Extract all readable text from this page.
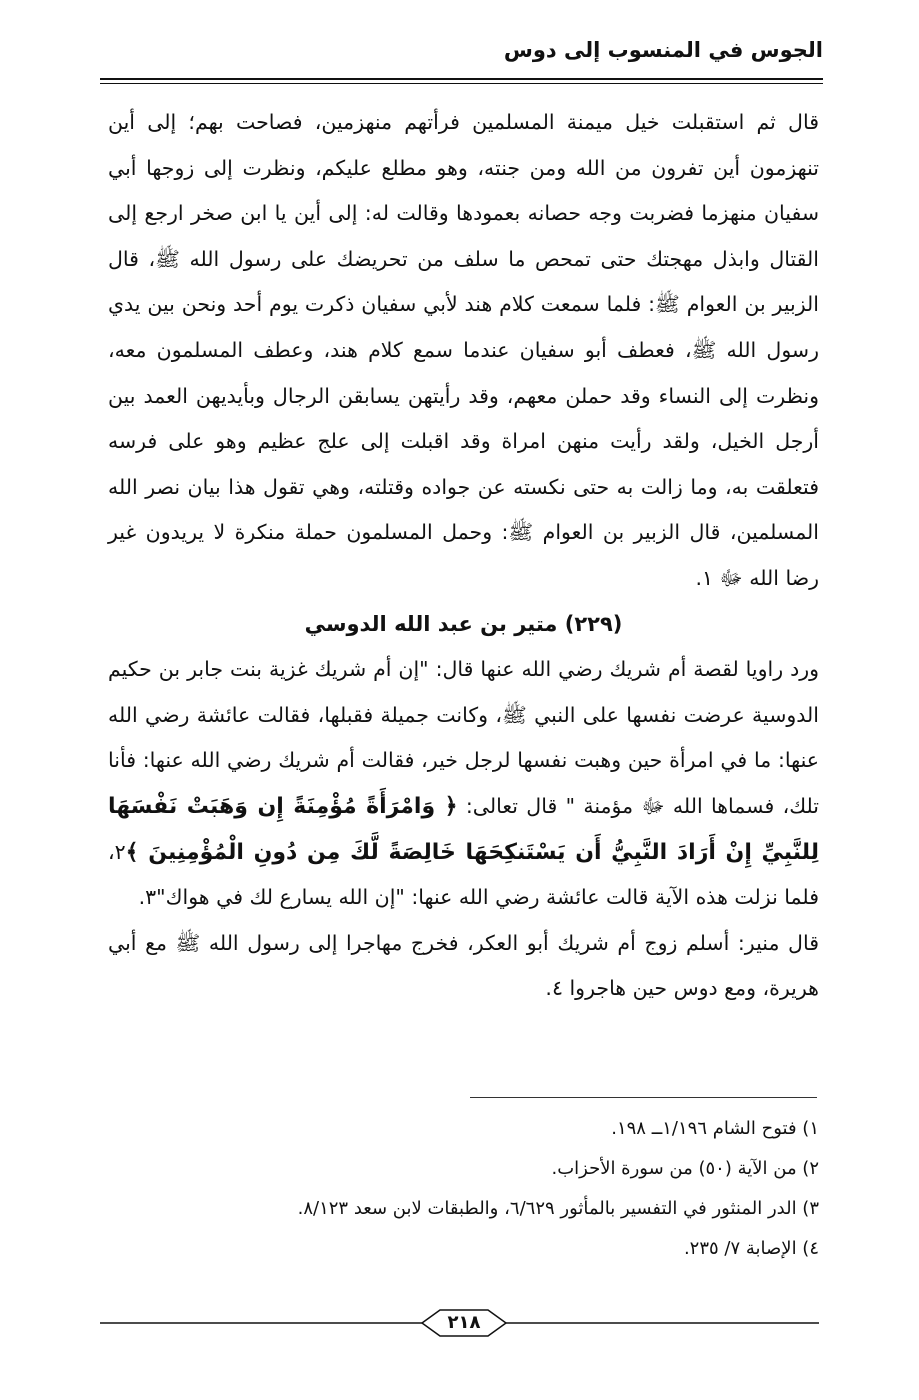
الجوس في المنسوب إلى دوس

قال ثم استقبلت خيل ميمنة المسلمين فرأتهم منهزمين، فصاحت بهم؛ إلى أين تنهزمون أين تفرون من الله ومن جنته، وهو مطلع عليكم، ونظرت إلى زوجها أبي سفيان منهزما فضربت وجه حصانه بعمودها وقالت له: إلى أين يا ابن صخر ارجع إلى القتال وابذل مهجتك حتى تمحص ما سلف من تحريضك على رسول الله ﷺ، قال الزبير بن العوام ﷺ: فلما سمعت كلام هند لأبي سفيان ذكرت يوم أحد ونحن بين يدي رسول الله ﷺ، فعطف أبو سفيان عندما سمع كلام هند، وعطف المسلمون معه، ونظرت إلى النساء وقد حملن معهم، وقد رأيتهن يسابقن الرجال وبأيديهن العمد بين أرجل الخيل، ولقد رأيت منهن امراة وقد اقبلت إلى علج عظيم وهو على فرسه فتعلقت به، وما زالت به حتى نكسته عن جواده وقتلته، وهي تقول هذا بيان نصر الله المسلمين، قال الزبير بن العوام ﷺ: وحمل المسلمون حملة منكرة لا يريدون غير رضا الله ﷻ ١.

(٢٢٩) متير بن عبد الله الدوسي

ورد راويا لقصة أم شريك رضي الله عنها قال: "إن أم شريك غزية بنت جابر بن حكيم الدوسية عرضت نفسها على النبي ﷺ، وكانت جميلة فقبلها، فقالت عائشة رضي الله عنها: ما في امرأة حين وهبت نفسها لرجل خير، فقالت أم شريك رضي الله عنها: فأنا تلك، فسماها الله ﷻ مؤمنة " قال تعالى: ﴿ وَامْرَأَةً مُؤْمِنَةً إِن وَهَبَتْ نَفْسَهَا لِلنَّبِيِّ إِنْ أَرَادَ النَّبِيُّ أَن يَسْتَنكِحَهَا خَالِصَةً لَّكَ مِن دُونِ الْمُؤْمِنِينَ ﴾٢، فلما نزلت هذه الآية قالت عائشة رضي الله عنها: "إن الله يسارع لك في هواك"٣.

قال منير: أسلم زوج أم شريك أبو العكر، فخرج مهاجرا إلى رسول الله ﷺ مع أبي هريرة، ومع دوس حين هاجروا ٤.

١) فتوح الشام ١/١٩٦ــ ١٩٨.
٢) من الآية (٥٠) من سورة الأحزاب.
٣) الدر المنثور في التفسير بالمأثور ٦/٦٢٩، والطبقات لابن سعد ٨/١٢٣.
٤) الإصابة ٧/ ٢٣٥.
٢١٨
